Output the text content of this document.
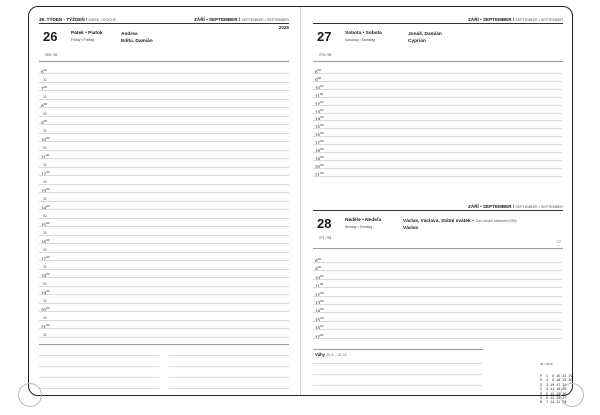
39. TÝDEN - TÝŽDEŇ / WEEK - WOCHE	ZÁŘÍ • SEPTEMBER / SEPTEMBER • SEPTEMBER
2025
26	Pátek • Piatok
Friday • Freitag
269 / 96
Andrea
Edita, Damián
$^{00}$
30
$^{00}$
30
$^{00}$
30
$^{00}$
30
$^{00}$
30
$^{00}$
30
$^{00}$
30
$^{00}$
30
$^{00}$
30
$^{00}$
30
$^{00}$
30
$^{00}$
30
$^{00}$
30
$^{00}$
30
$^{00}$
30
$^{00}$
30
ZÁŘÍ • SEPTEMBER / SEPTEMBER • SEPTEMBER
27	Sobota • Sobota
Saturday • Samstag
270 / 95
Jonáš, Damián
Cyprián
$^{00}$
$^{00}$
$^{00}$
$^{00}$
$^{00}$
$^{00}$
$^{00}$
$^{00}$
$^{00}$
$^{00}$
$^{00}$
$^{00}$
$^{00}$
$^{00}$
ZÁŘÍ • SEPTEMBER / SEPTEMBER • SEPTEMBER
28	Neděle • Nedeľa
Sunday • Sonntag
271 / 94
Václav, Václava, Státní svátek – Den české státnosti (935)
Václav
C2
$^{00}$
$^{00}$
$^{00}$
$^{00}$
$^{00}$
$^{00}$
$^{00}$
$^{00}$
$^{00}$
$^{00}$
Váhy 23. 9. – 22. 10.

09 / 2025

P  1  8 15 22 29
Ú  2  9 16 23 30
S  3 10 17 24
Č  4 11 18 25
P  5 12 19 26
S  6 13 20 27
N  7 14 21 28
